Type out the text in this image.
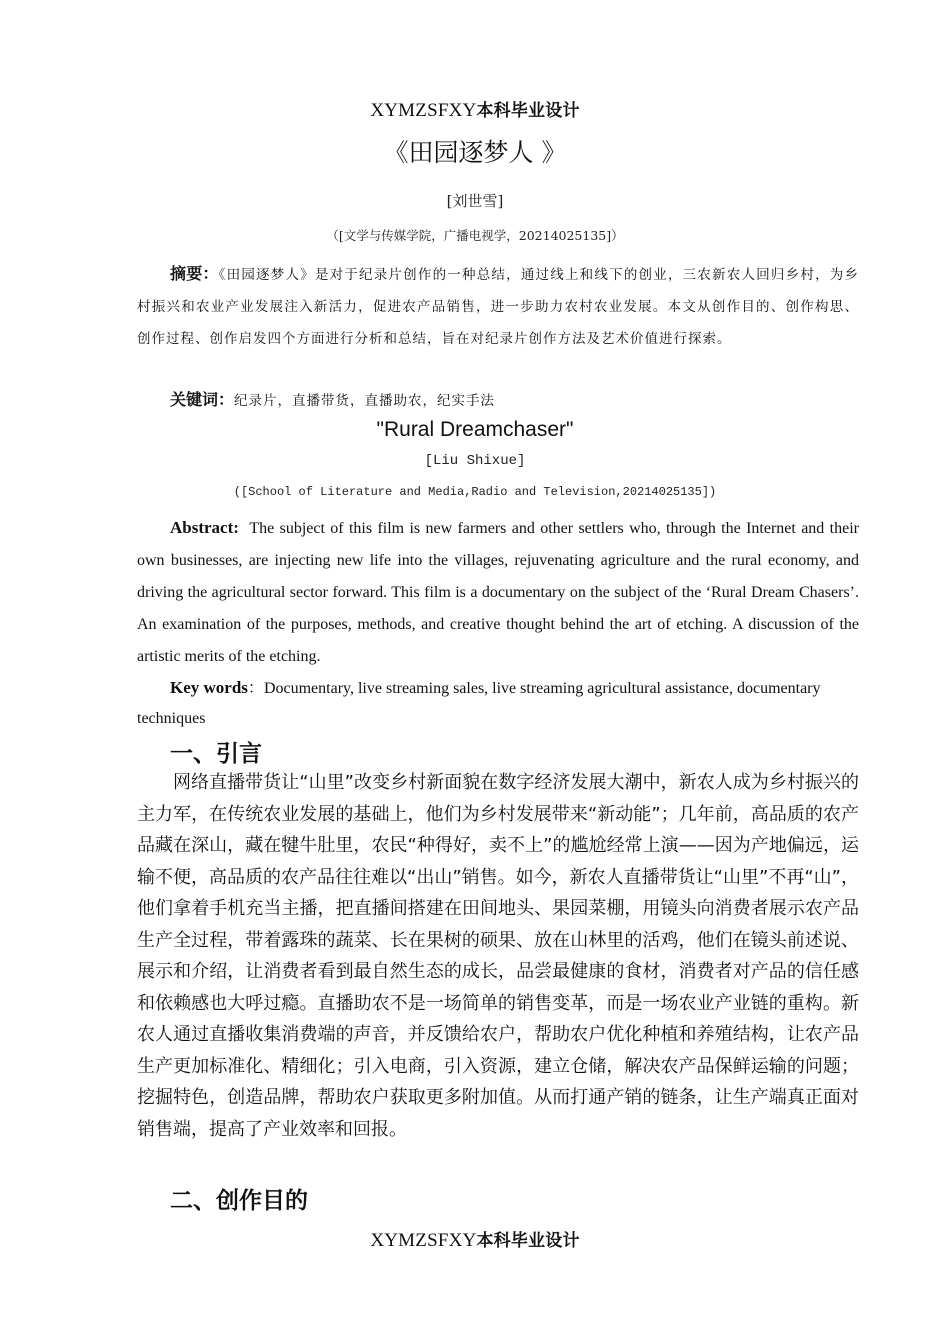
XYMZSFXY本科毕业设计
《田园逐梦人 》
[刘世雪]
（[文学与传媒学院，广播电视学，20214025135]）
摘要：《田园逐梦人》是对于纪录片创作的一种总结，通过线上和线下的创业，三农新农人回归乡村，为乡村振兴和农业产业发展注入新活力，促进农产品销售，进一步助力农村农业发展。本文从创作目的、创作构思、创作过程、创作启发四个方面进行分析和总结，旨在对纪录片创作方法及艺术价值进行探索。
关键词：纪录片，直播带货，直播助农，纪实手法
"Rural Dreamchaser"
[Liu Shixue]
([School of Literature and Media,Radio and Television,20214025135])
Abstract: The subject of this film is new farmers and other settlers who, through the Internet and their own businesses, are injecting new life into the villages, rejuvenating agriculture and the rural economy, and driving the agricultural sector forward. This film is a documentary on the subject of the ‘Rural Dream Chasers’. An examination of the purposes, methods, and creative thought behind the art of etching. A discussion of the artistic merits of the etching.
Key words：Documentary, live streaming sales, live streaming agricultural assistance, documentary techniques
一、引言
网络直播带货让“山里”改变乡村新面貌在数字经济发展大潮中，新农人成为乡村振兴的主力军，在传统农业发展的基础上，他们为乡村发展带来“新动能”；几年前，高品质的农产品藏在深山，藏在犍牛肚里，农民“种得好，卖不上”的尴尬经常上演——因为产地偏远，运输不便，高品质的农产品往往难以“出山”销售。如今，新农人直播带货让“山里”不再“山”，他们拿着手机充当主播，把直播间搭建在田间地头、果园菜棚，用镜头向消费者展示农产品生产全过程，带着露珠的蔬菜、长在果树的硕果、放在山林里的活鸡，他们在镜头前述说、展示和介绍，让消费者看到最自然生态的成长，品尝最健康的食材，消费者对产品的信任感和依赖感也大呼过瘾。直播助农不是一场简单的销售变革，而是一场农业产业链的重构。新农人通过直播收集消费端的声音，并反馈给农户，帮助农户优化种植和养殖结构，让农产品生产更加标准化、精细化；引入电商，引入资源，建立仓储，解决农产品保鲜运输的问题；挖掘特色，创造品牌，帮助农户获取更多附加值。从而打通产销的链条，让生产端真正面对销售端，提高了产业效率和回报。
二、创作目的
XYMZSFXY本科毕业设计
